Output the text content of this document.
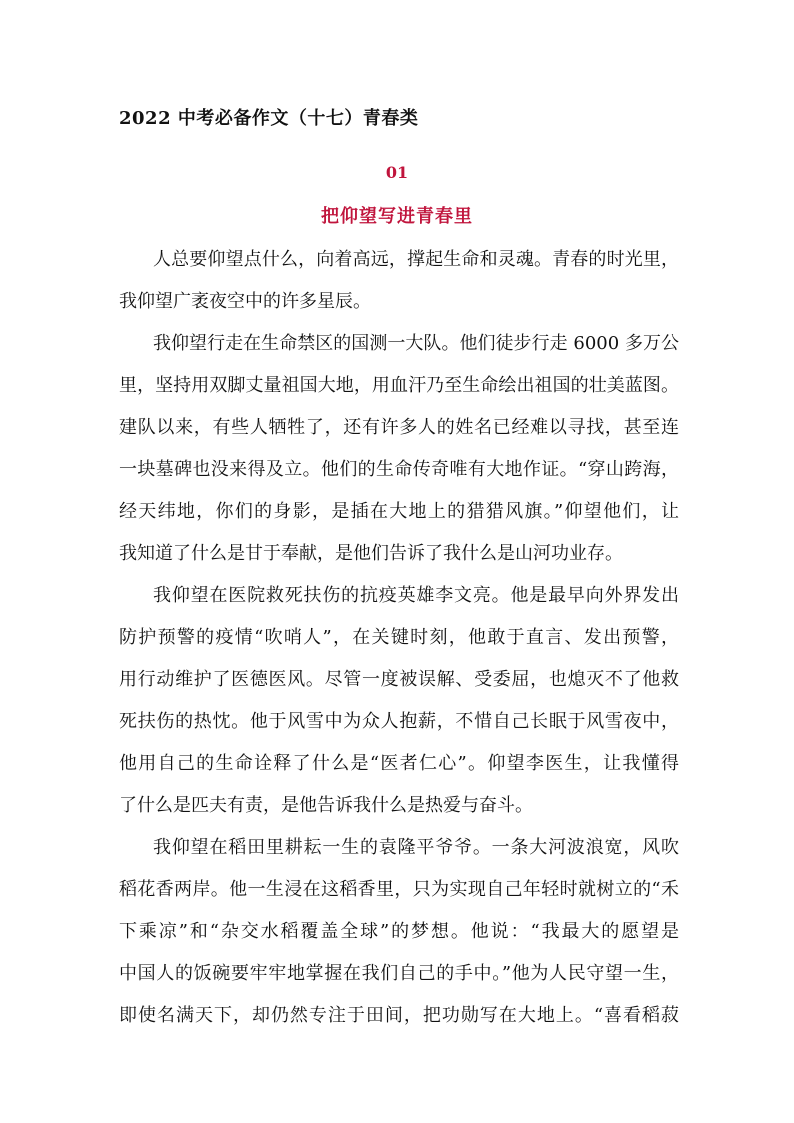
2022 中考必备作文（十七）青春类
01
把仰望写进青春里
人总要仰望点什么，向着高远，撑起生命和灵魂。青春的时光里，
我仰望广袤夜空中的许多星辰。
我仰望行走在生命禁区的国测一大队。他们徒步行走 6000 多万公
里，坚持用双脚丈量祖国大地，用血汗乃至生命绘出祖国的壮美蓝图。
建队以来，有些人牺牲了，还有许多人的姓名已经难以寻找，甚至连
一块墓碑也没来得及立。他们的生命传奇唯有大地作证。“穿山跨海，
经天纬地，你们的身影，是插在大地上的猎猎风旗。”仰望他们，让
我知道了什么是甘于奉献，是他们告诉了我什么是山河功业存。
我仰望在医院救死扶伤的抗疫英雄李文亮。他是最早向外界发出
防护预警的疫情“吹哨人”，在关键时刻，他敢于直言、发出预警，
用行动维护了医德医风。尽管一度被误解、受委屈，也熄灭不了他救
死扶伤的热忱。他于风雪中为众人抱薪，不惜自己长眠于风雪夜中，
他用自己的生命诠释了什么是“医者仁心”。仰望李医生，让我懂得
了什么是匹夫有责，是他告诉我什么是热爱与奋斗。
我仰望在稻田里耕耘一生的袁隆平爷爷。一条大河波浪宽，风吹
稻花香两岸。他一生浸在这稻香里，只为实现自己年轻时就树立的“禾
下乘凉”和“杂交水稻覆盖全球”的梦想。他说：“我最大的愿望是
中国人的饭碗要牢牢地掌握在我们自己的手中。”他为人民守望一生，
即使名满天下，却仍然专注于田间，把功勋写在大地上。“喜看稻菽
